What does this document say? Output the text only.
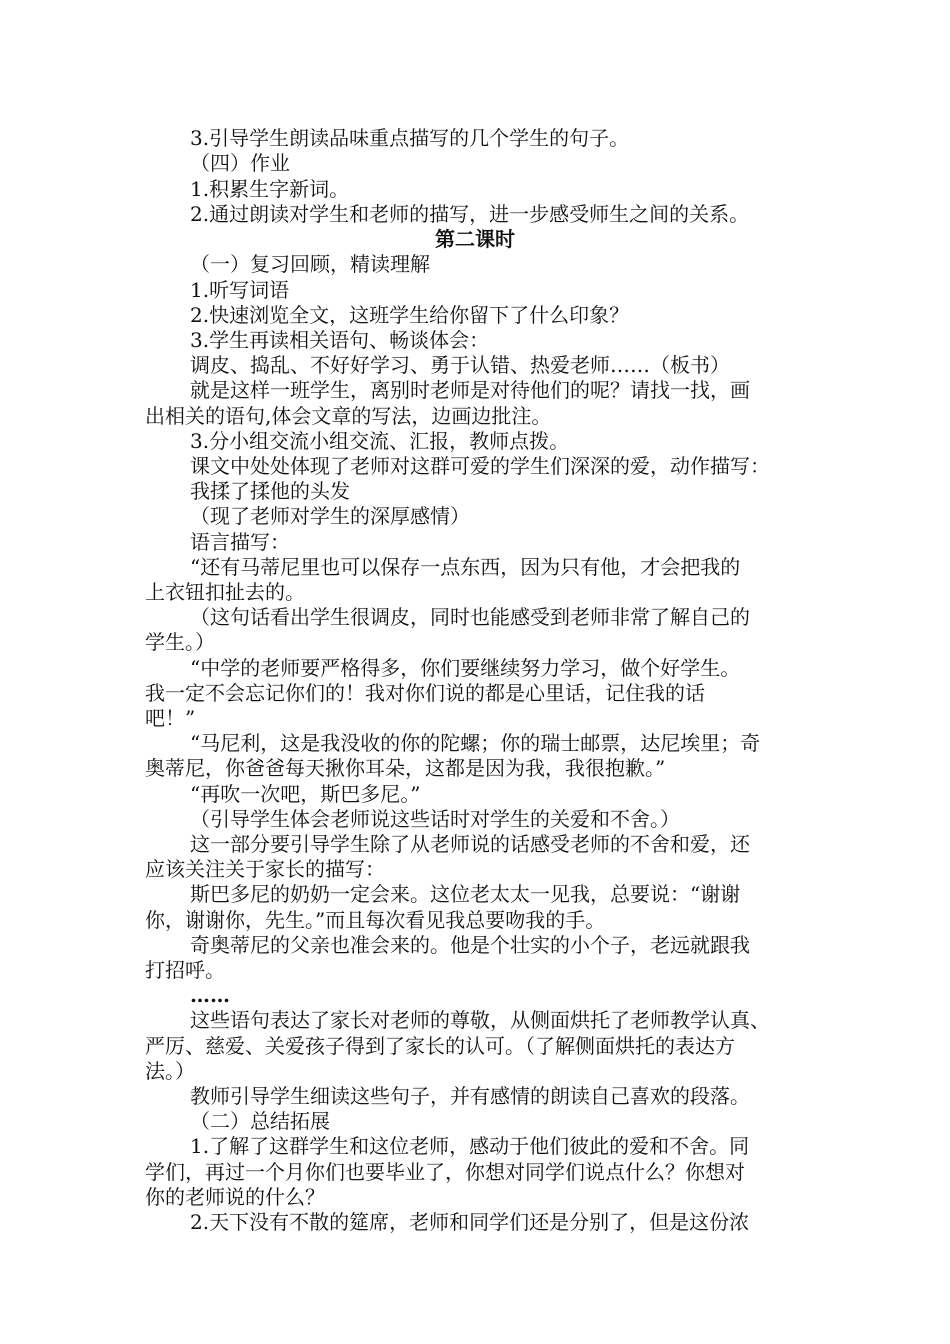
3.引导学生朗读品味重点描写的几个学生的句子。
（四）作业
1.积累生字新词。
2.通过朗读对学生和老师的描写，进一步感受师生之间的关系。
第二课时
（一）复习回顾，精读理解
1.听写词语
2.快速浏览全文，这班学生给你留下了什么印象？
3.学生再读相关语句、畅谈体会：
调皮、捣乱、不好好学习、勇于认错、热爱老师……（板书）
就是这样一班学生，离别时老师是对待他们的呢？请找一找，画
出相关的语句,体会文章的写法，边画边批注。
3.分小组交流小组交流、汇报，教师点拨。
课文中处处体现了老师对这群可爱的学生们深深的爱，动作描写：
我揉了揉他的头发
（现了老师对学生的深厚感情）
语言描写：
“还有马蒂尼里也可以保存一点东西，因为只有他，才会把我的
上衣钮扣扯去的。
（这句话看出学生很调皮，同时也能感受到老师非常了解自己的
学生。）
“中学的老师要严格得多，你们要继续努力学习，做个好学生。
我一定不会忘记你们的！我对你们说的都是心里话，记住我的话
吧！”
“马尼利，这是我没收的你的陀螺；你的瑞士邮票，达尼埃里；奇
奥蒂尼，你爸爸每天揪你耳朵，这都是因为我，我很抱歉。”
“再吹一次吧，斯巴多尼。”
（引导学生体会老师说这些话时对学生的关爱和不舍。）
这一部分要引导学生除了从老师说的话感受老师的不舍和爱，还
应该关注关于家长的描写：
斯巴多尼的奶奶一定会来。这位老太太一见我，总要说：“谢谢
你，谢谢你，先生。”而且每次看见我总要吻我的手。
奇奥蒂尼的父亲也准会来的。他是个壮实的小个子，老远就跟我
打招呼。
……
这些语句表达了家长对老师的尊敬，从侧面烘托了老师教学认真、
严厉、慈爱、关爱孩子得到了家长的认可。（了解侧面烘托的表达方
法。）
教师引导学生细读这些句子，并有感情的朗读自己喜欢的段落。
（二）总结拓展
1.了解了这群学生和这位老师，感动于他们彼此的爱和不舍。同
学们，再过一个月你们也要毕业了，你想对同学们说点什么？你想对
你的老师说的什么？
2.天下没有不散的筵席，老师和同学们还是分别了，但是这份浓
